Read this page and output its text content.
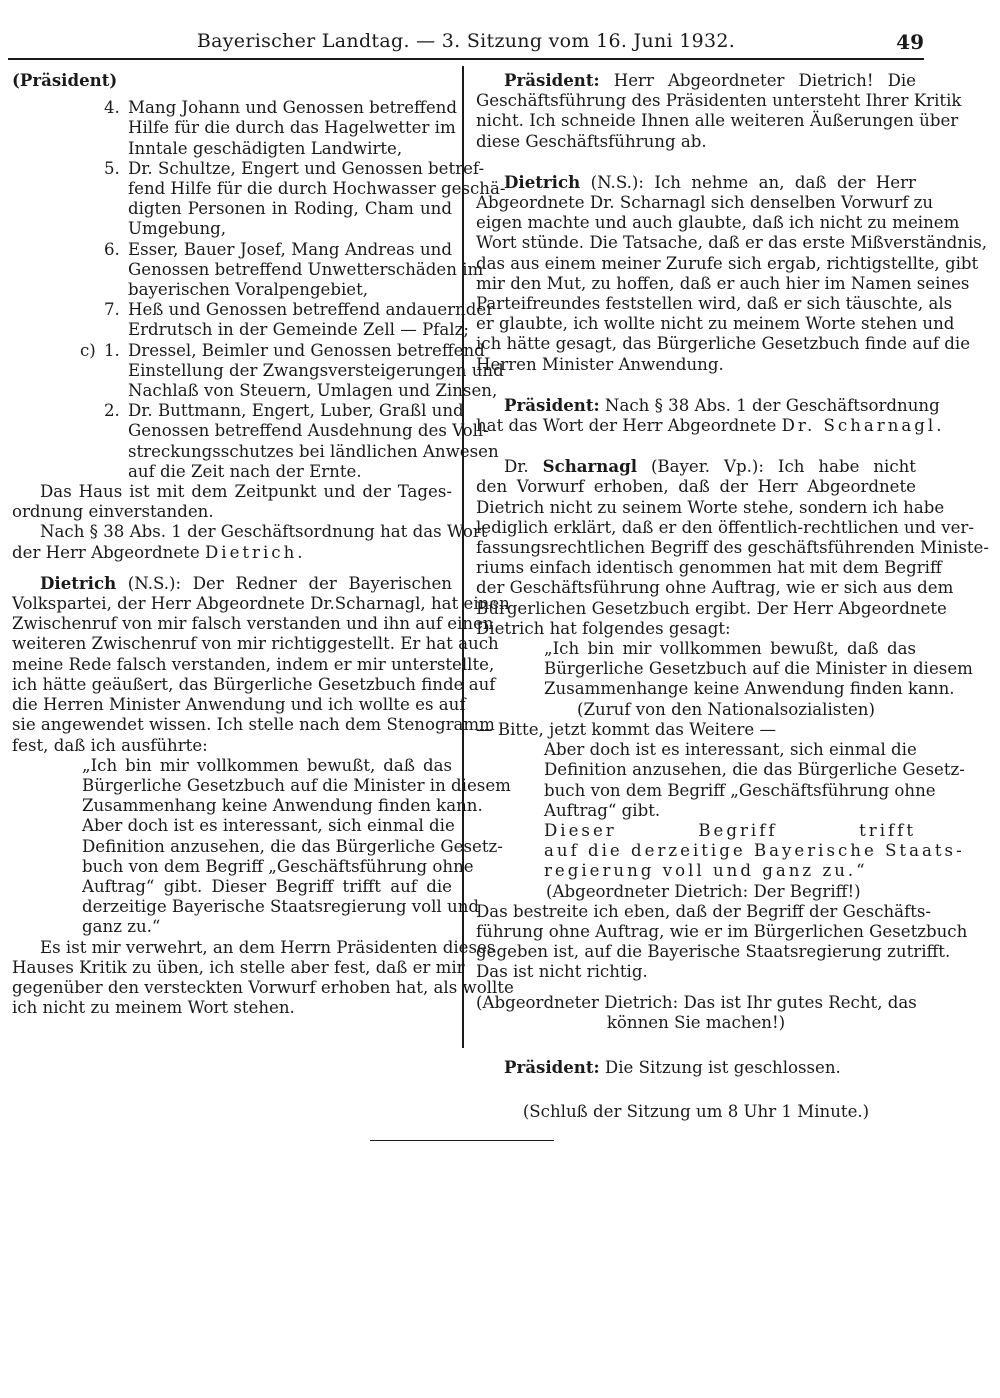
Bayerischer Landtag. — 3. Sitzung vom 16. Juni 1932.	49
(Präsident)
4. Mang Johann und Genossen betreffend
Hilfe für die durch das Hagelwetter im
Inntale geschädigten Landwirte,
5. Dr. Schultze, Engert und Genossen betref-
fend Hilfe für die durch Hochwasser geschä-
digten Personen in Roding, Cham und
Umgebung,
6. Esser, Bauer Josef, Mang Andreas und
Genossen betreffend Unwetterschäden im
bayerischen Voralpengebiet,
7. Heß und Genossen betreffend andauernder
Erdrutsch in der Gemeinde Zell — Pfalz;
c) 1. Dressel, Beimler und Genossen betreffend
Einstellung der Zwangsversteigerungen und
Nachlaß von Steuern, Umlagen und Zinsen,
2. Dr. Buttmann, Engert, Luber, Graßl und
Genossen betreffend Ausdehnung des Voll-
streckungsschutzes bei ländlichen Anwesen
auf die Zeit nach der Ernte.
Das Haus ist mit dem Zeitpunkt und der Tages-
ordnung einverstanden.
Nach § 38 Abs. 1 der Geschäftsordnung hat das Wort
der Herr Abgeordnete Dietrich.
Dietrich (N.S.): Der Redner der Bayerischen
Volkspartei, der Herr Abgeordnete Dr.Scharnagl, hat einen
Zwischenruf von mir falsch verstanden und ihn auf einen
weiteren Zwischenruf von mir richtiggestellt. Er hat auch
meine Rede falsch verstanden, indem er mir unterstellte,
ich hätte geäußert, das Bürgerliche Gesetzbuch finde auf
die Herren Minister Anwendung und ich wollte es auf
sie angewendet wissen. Ich stelle nach dem Stenogramm
fest, daß ich ausführte:
„Ich bin mir vollkommen bewußt, daß das
Bürgerliche Gesetzbuch auf die Minister in diesem
Zusammenhang keine Anwendung finden kann.
Aber doch ist es interessant, sich einmal die
Definition anzusehen, die das Bürgerliche Gesetz-
buch von dem Begriff „Geschäftsführung ohne
Auftrag“ gibt. Dieser Begriff trifft auf die
derzeitige Bayerische Staatsregierung voll und
ganz zu.“
Es ist mir verwehrt, an dem Herrn Präsidenten dieses
Hauses Kritik zu üben, ich stelle aber fest, daß er mir
gegenüber den versteckten Vorwurf erhoben hat, als wollte
ich nicht zu meinem Wort stehen.
Präsident: Herr Abgeordneter Dietrich! Die
Geschäftsführung des Präsidenten untersteht Ihrer Kritik
nicht. Ich schneide Ihnen alle weiteren Äußerungen über
diese Geschäftsführung ab.
Dietrich (N.S.): Ich nehme an, daß der Herr
Abgeordnete Dr. Scharnagl sich denselben Vorwurf zu
eigen machte und auch glaubte, daß ich nicht zu meinem
Wort stünde. Die Tatsache, daß er das erste Mißverständnis,
das aus einem meiner Zurufe sich ergab, richtigstellte, gibt
mir den Mut, zu hoffen, daß er auch hier im Namen seines
Parteifreundes feststellen wird, daß er sich täuschte, als
er glaubte, ich wollte nicht zu meinem Worte stehen und
ich hätte gesagt, das Bürgerliche Gesetzbuch finde auf die
Herren Minister Anwendung.
Präsident: Nach § 38 Abs. 1 der Geschäftsordnung
hat das Wort der Herr Abgeordnete Dr. Scharnagl.
Dr. Scharnagl (Bayer. Vp.): Ich habe nicht
den Vorwurf erhoben, daß der Herr Abgeordnete
Dietrich nicht zu seinem Worte stehe, sondern ich habe
lediglich erklärt, daß er den öffentlich-rechtlichen und ver-
fassungsrechtlichen Begriff des geschäftsführenden Ministe-
riums einfach identisch genommen hat mit dem Begriff
der Geschäftsführung ohne Auftrag, wie er sich aus dem
Bürgerlichen Gesetzbuch ergibt. Der Herr Abgeordnete
Dietrich hat folgendes gesagt:
„Ich bin mir vollkommen bewußt, daß das
Bürgerliche Gesetzbuch auf die Minister in diesem
Zusammenhange keine Anwendung finden kann.
(Zuruf von den Nationalsozialisten)
— Bitte, jetzt kommt das Weitere —
Aber doch ist es interessant, sich einmal die
Definition anzusehen, die das Bürgerliche Gesetz-
buch von dem Begriff „Geschäftsführung ohne
Auftrag“ gibt.
Dieser Begriff trifft
auf die derzeitige Bayerische Staats-
regierung voll und ganz zu.“
(Abgeordneter Dietrich: Der Begriff!)
Das bestreite ich eben, daß der Begriff der Geschäfts-
führung ohne Auftrag, wie er im Bürgerlichen Gesetzbuch
gegeben ist, auf die Bayerische Staatsregierung zutrifft.
Das ist nicht richtig.
(Abgeordneter Dietrich: Das ist Ihr gutes Recht, das
können Sie machen!)
Präsident: Die Sitzung ist geschlossen.
(Schluß der Sitzung um 8 Uhr 1 Minute.)
